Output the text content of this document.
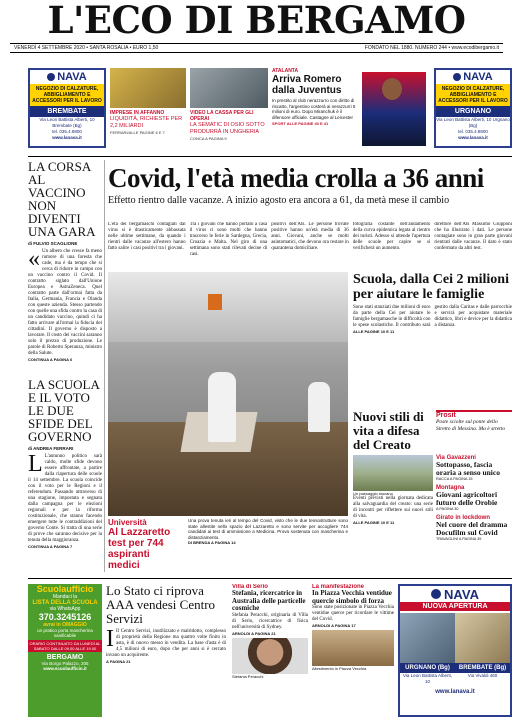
L'ECO DI BERGAMO
VENERDÌ 4 SETTEMBRE 2020 • SANTA ROSALIA • EURO 1,50	FONDATO NEL 1880. NUMERO 244 • www.ecodibergamo.it
NAVA
NEGOZIO DI CALZATURE, ABBIGLIAMENTO E ACCESSORI PER IL LAVORO
BREMBATE
Via Leon Battista Alberti, 10 Brembate (Bg)
tel. 035.4.8800
www.lanava.it
IMPRESE IN AFFANNO
LIQUIDITÀ, RICHIESTE PER 2,2 MILIARDI
FERRARI/ALLE PAGINE 6 E 7
VIDEO LA CASSA PER GLI OPERAI
LA SEMATIC DI OSIO SOTTO PRODURRÀ IN UNGHERIA
CONCA A PAGINA 9
ATALANTA
Arriva Romero dalla Juventus
In prestito al club nerazzurro con diritto di riscatto, l'argentino costerà ai nerazzurri 5 milioni di euro. Dopo Miranchuk è il difensore ufficiale. Castagne al Leicester
SPORT ALLE PAGINE 40 E 41
NAVA
NEGOZIO DI CALZATURE, ABBIGLIAMENTO E ACCESSORI PER IL LAVORO
URGNANO
Via Leon Battista Alberti, 10 Urgnano (Bg)
tel. 035.4.8800
www.lanava.it
LA CORSA AL VACCINO NON DIVENTI UNA GARA
di FULVIO SCAGLIONE
« Un albero che cresce fa meno rumore di una foresta che cade, ma è da tempo che si cerca di ridurre in campo con un vaccino contro il Covid. Il contratto siglato dall'Unione Europea e AstraZeneca. Quel contratto parte dall'ormai fatta da Italia, Germania, Francia e Olanda con queste azienda. Stesso partendo con quelle una sfida contro la casa di un candidato vaccino, quindi ci ha fatto arrivare all'ormai la fiducia dei cittadini. Il governo è disposto a lavorare. Il costo dei vaccini saranno solo il prezzo di produzione. Le parole di Roberto Speranza, ministro della Salute.
CONTINUA A PAGINA 6
LA SCUOLA E IL VOTO LE DUE SFIDE DEL GOVERNO
di ANDREA FERRARI
L L'autunno politico sarà caldo, molte sfide devono essere affrontate, a partire dalla riapertura delle scuole il 14 settembre. La scuola coincide con il voto per le Regioni e il referendum. Passando attraverso di una stagione, impostata e segnata dalla campagna per le elezioni regionali e per la riforma costituzionale, che stanno facendo emergere tutte le contraddizioni del governo Conte. Si tratta di una serie di prove che saranno decisive per la tenuta della maggioranza.
CONTINUA A PAGINA 7
Covid, l'età media crolla a 36 anni
Effetto rientro dalle vacanze. A inizio agosto era ancora a 61, da metà mese il cambio
L'età dei bergamaschi contagiati dal virus si è drasticamente abbassata nelle ultime settimane, da quando i rientri dalle vacanze all'estero hanno fatto salire i casi positivi tra i giovani.
Tra i giovani che hanno portato a casa il virus ci sono molti che hanno trascorso le ferie in Sardegna, Grecia, Croazia e Malta. Nel giro di una settimana sono stati rilevati decine di casi.
positivi dell'Ats. Le persone trovate positive hanno un'età media di 36 anni. Giovani, anche se molti asintomatici, che devono ora restare in quarantena domiciliare.
fotografia costante dell'andamento della curva epidemica legata al rientro dei turisti. Adesso si attende l'apertura delle scuole per capire se si verificherà un aumento.
direttore dell'Ats Massimo Giupponi che ha illustrato i dati. Le persone contagiate sono in gran parte giovani rientrati dalle vacanze. Il dato è stato confermato da altri test.
Università
Al Lazzaretto test per 744 aspiranti medici
Una prova tenuta ieri al tempo del Covid, visto che le due tensostrutture sono state allestite nello spazio del Lazzaretto e sono servite per accogliere 744 candidati ai test di ammissione a Medicina. Prova sostenuta con mascherina e distanziamento.
DI BRENDA A PAGINA 14
Scuola, dalla Cei 2 milioni per aiutare le famiglie
Sono stati stanziati due milioni di euro da parte della Cei per aiutare le famiglie bergamasche in difficoltà con le spese scolastiche. Il contributo sarà gestito dalla Caritas e dalle parrocchie e servirà per acquistare materiale didattico, libri e device per la didattica a distanza.
ALLE PAGINE 10 E 11
Nuovi stili di vita a difesa del Creato
Un paesaggio toscano
Eventi previsti nella giornata dedicata alla salvaguardia del creato: una serie di incontri per riflettere sui nuovi stili di vita.
ALLE PAGINE 10 E 11
Prosit
Poste sciolte sul ponte dello Stretto di Messina. Ma è stretto
Via Gavazzeni
Sottopasso, fascia oraria a senso unico
RACCA A PAGINA 15
Montagna
Giovani agricoltori futuro delle Orobie
A PAGINA 30
Girato in lockdown
Nel cuore del dramma Docufilm sul Covid
TRAVAGLINI A PAGINA 39
Scuolaufficio
Mandaci la
LISTA DELLA SCUOLA
via WhatsApp
370.3245126
avrai in OMAGGIO
un pratico porta mascherina sanificabile
ORARIO CONTINUATO DA LUNEDÌ AL SABATO DALLE 09.00 ALLE 19.00
BERGAMO
Via Borgo Palazzo, 205
www.scuolaufficio.it
Lo Stato ci riprova AAA vendesi Centro Servizi
I Il Centro Servizi, inutilizzato e malridotto, complesso di proprietà della Regione ma quattro volte finito in asta, è di nuovo messo in vendita. La base d'asta è di 4,5 milioni di euro, dopo che per anni si è cercato invano un acquirente.
A PAGINA 21
Villa di Serio
Stefania, ricercatrice in Australia delle particelle cosmiche
Stefania Peracchi, originaria di Villa di Serio, ricercatrice di fisica nell'università di Sydney.
ARNOLDI A PAGINA 21
Stefania Peracchi
La manifestazione
In Piazza Vecchia ventidue quercie simbolo di forza
Sono state posizionate in Piazza Vecchia ventidue querce per ricordare le vittime del Covid.
ARNOLDI A PAGINA 17
Allestimento in Piazza Vecchia
NAVA
NUOVA APERTURA
URGNANO (Bg)
Via Leon Battista Alberti, 10
BREMBATE (Bg)
Via Vivaldi 460
www.lanava.it
